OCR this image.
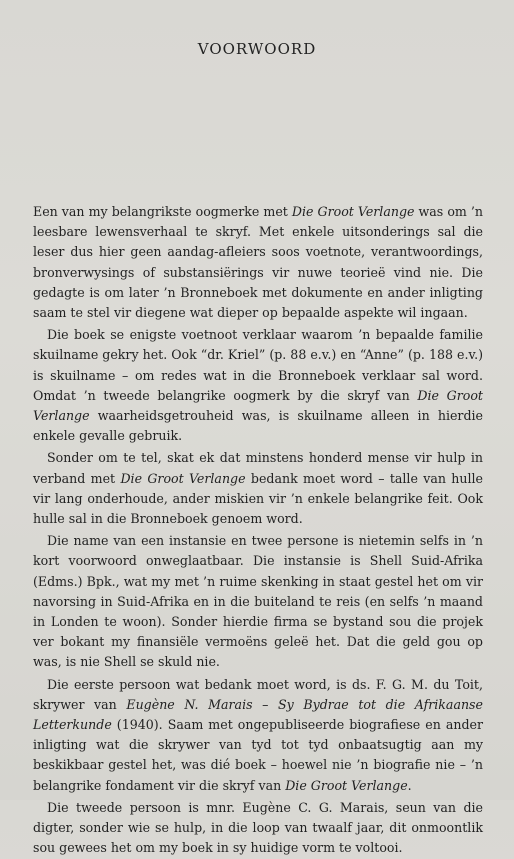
VOORWOORD

Een van my belangrikste oogmerke met Die Groot Verlange was om ’n leesbare lewensverhaal te skryf. Met enkele uitsonderings sal die leser dus hier geen aandag-afleiers soos voetnote, verantwoordings, bronverwysings of substansiërings vir nuwe teorieë vind nie. Die gedagte is om later ’n Bronneboek met dokumente en ander inligting saam te stel vir diegene wat dieper op bepaalde aspekte wil ingaan.

Die boek se enigste voetnoot verklaar waarom ’n bepaalde familie skuilname gekry het. Ook “dr. Kriel” (p. 88 e.v.) en “Anne” (p. 188 e.v.) is skuilname – om redes wat in die Bronneboek verklaar sal word. Omdat ’n tweede belangrike oogmerk by die skryf van Die Groot Verlange waarheidsgetrouheid was, is skuilname alleen in hierdie enkele gevalle gebruik.

Sonder om te tel, skat ek dat minstens honderd mense vir hulp in verband met Die Groot Verlange bedank moet word – talle van hulle vir lang onderhoude, ander miskien vir ’n enkele belangrike feit. Ook hulle sal in die Bronneboek genoem word.

Die name van een instansie en twee persone is nietemin selfs in ’n kort voorwoord onweglaatbaar. Die instansie is Shell Suid-Afrika (Edms.) Bpk., wat my met ’n ruime skenking in staat gestel het om vir navorsing in Suid-Afrika en in die buiteland te reis (en selfs ’n maand in Londen te woon). Sonder hierdie firma se bystand sou die projek ver bokant my finansiële vermoëns geleë het. Dat die geld gou op was, is nie Shell se skuld nie.

Die eerste persoon wat bedank moet word, is ds. F. G. M. du Toit, skrywer van Eugène N. Marais – Sy Bydrae tot die Afrikaanse Letterkunde (1940). Saam met ongepubliseerde biografiese en ander inligting wat die skrywer van tyd tot tyd onbaatsugtig aan my beskikbaar gestel het, was dié boek – hoewel nie ’n biografie nie – ’n belangrike fondament vir die skryf van Die Groot Verlange.

Die tweede persoon is mnr. Eugène C. G. Marais, seun van die digter, sonder wie se hulp, in die loop van twaalf jaar, dit onmoontlik sou gewees het om my boek in sy huidige vorm te voltooi.
